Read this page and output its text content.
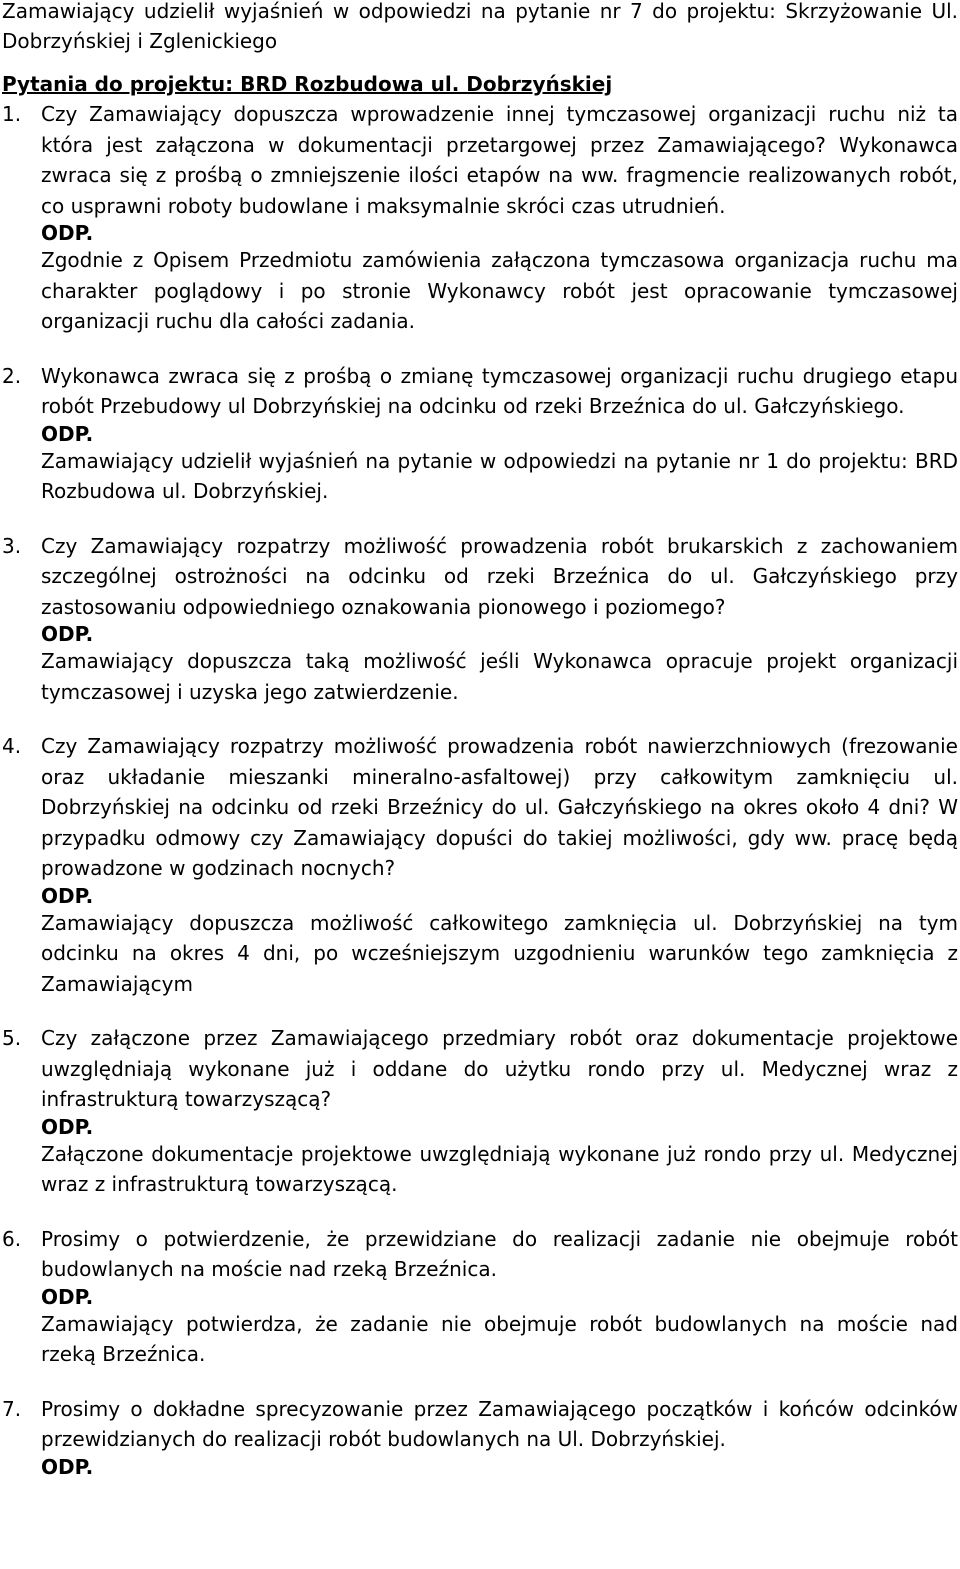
Zamawiający udzielił wyjaśnień w odpowiedzi na pytanie nr 7 do projektu: Skrzyżowanie Ul. Dobrzyńskiej i Zglenickiego
Pytania do projektu: BRD Rozbudowa ul. Dobrzyńskiej
1. Czy Zamawiający dopuszcza wprowadzenie innej tymczasowej organizacji ruchu niż ta która jest załączona w dokumentacji przetargowej przez Zamawiającego? Wykonawca zwraca się z prośbą o zmniejszenie ilości etapów na ww. fragmencie realizowanych robót, co usprawni roboty budowlane i maksymalnie skróci czas utrudnień.
ODP.
Zgodnie z Opisem Przedmiotu zamówienia załączona tymczasowa organizacja ruchu ma charakter poglądowy i po stronie Wykonawcy robót jest opracowanie tymczasowej organizacji ruchu dla całości zadania.
2. Wykonawca zwraca się z prośbą o zmianę tymczasowej organizacji ruchu drugiego etapu robót Przebudowy ul Dobrzyńskiej na odcinku od rzeki Brzeźnica do ul. Gałczyńskiego.
ODP.
Zamawiający udzielił wyjaśnień na pytanie w odpowiedzi na pytanie nr 1 do projektu: BRD Rozbudowa ul. Dobrzyńskiej.
3. Czy Zamawiający rozpatrzy możliwość prowadzenia robót brukarskich z zachowaniem szczególnej ostrożności na odcinku od rzeki Brzeźnica do ul. Gałczyńskiego przy zastosowaniu odpowiedniego oznakowania pionowego i poziomego?
ODP.
Zamawiający dopuszcza taką możliwość jeśli Wykonawca opracuje projekt organizacji tymczasowej i uzyska jego zatwierdzenie.
4. Czy Zamawiający rozpatrzy możliwość prowadzenia robót nawierzchniowych (frezowanie oraz układanie mieszanki mineralno-asfaltowej) przy całkowitym zamknięciu ul. Dobrzyńskiej na odcinku od rzeki Brzeźnicy do ul. Gałczyńskiego na okres około 4 dni? W przypadku odmowy czy Zamawiający dopuści do takiej możliwości, gdy ww. pracę będą prowadzone w godzinach nocnych?
ODP.
Zamawiający dopuszcza możliwość całkowitego zamknięcia ul. Dobrzyńskiej na tym odcinku na okres 4 dni, po wcześniejszym uzgodnieniu warunków tego zamknięcia z Zamawiającym
5. Czy załączone przez Zamawiającego przedmiary robót oraz dokumentacje projektowe uwzględniają wykonane już i oddane do użytku rondo przy ul. Medycznej wraz z infrastrukturą towarzyszącą?
ODP.
Załączone dokumentacje projektowe uwzględniają wykonane już rondo przy ul. Medycznej wraz z infrastrukturą towarzyszącą.
6. Prosimy o potwierdzenie, że przewidziane do realizacji zadanie nie obejmuje robót budowlanych na moście nad rzeką Brzeźnica.
ODP.
Zamawiający potwierdza, że zadanie nie obejmuje robót budowlanych na moście nad rzeką Brzeźnica.
7. Prosimy o dokładne sprecyzowanie przez Zamawiającego początków i końców odcinków przewidzianych do realizacji robót budowlanych na Ul. Dobrzyńskiej.
ODP.
